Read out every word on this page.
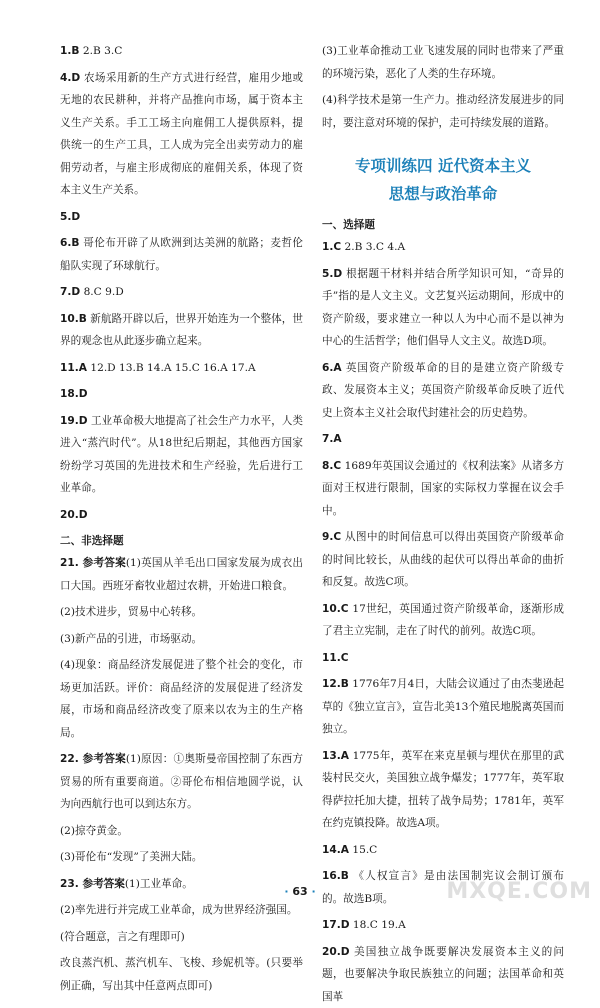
1.B 2.B 3.C

4.D 农场采用新的生产方式进行经营，雇用少地或无地的农民耕种，并将产品推向市场，属于资本主义生产关系。手工工场主向雇佣工人提供原料，提供统一的生产工具，工人成为完全出卖劳动力的雇佣劳动者，与雇主形成彻底的雇佣关系，体现了资本主义生产关系。

5.D

6.B 哥伦布开辟了从欧洲到达美洲的航路；麦哲伦船队实现了环球航行。

7.D 8.C 9.D

10.B 新航路开辟以后，世界开始连为一个整体，世界的观念也从此逐步确立起来。

11.A 12.D 13.B 14.A 15.C 16.A 17.A

18.D

19.D 工业革命极大地提高了社会生产力水平，人类进入“蒸汽时代”。从18世纪后期起，其他西方国家纷纷学习英国的先进技术和生产经验，先后进行工业革命。

20.D

二、非选择题

21. 参考答案(1)英国从羊毛出口国家发展为成衣出口大国。西班牙畜牧业超过农耕，开始进口粮食。

(2)技术进步，贸易中心转移。

(3)新产品的引进，市场驱动。

(4)现象：商品经济发展促进了整个社会的变化，市场更加活跃。评价：商品经济的发展促进了经济发展，市场和商品经济改变了原来以农为主的生产格局。

22. 参考答案(1)原因：①奥斯曼帝国控制了东西方贸易的所有重要商道。②哥伦布相信地圆学说，认为向西航行也可以到达东方。

(2)掠夺黄金。

(3)哥伦布“发现”了美洲大陆。

23. 参考答案(1)工业革命。

(2)率先进行并完成工业革命，成为世界经济强国。

(符合题意，言之有理即可)

改良蒸汽机、蒸汽机车、飞梭、珍妮机等。(只要举例正确，写出其中任意两点即可)

(3)工业革命推动工业飞速发展的同时也带来了严重的环境污染，恶化了人类的生存环境。

(4)科学技术是第一生产力。推动经济发展进步的同时，要注意对环境的保护，走可持续发展的道路。

专项训练四 近代资本主义

思想与政治革命

一、选择题

1.C 2.B 3.C 4.A

5.D 根据题干材料并结合所学知识可知，“奇异的手”指的是人文主义。文艺复兴运动期间，形成中的资产阶级，要求建立一种以人为中心而不是以神为中心的生活哲学；他们倡导人文主义。故选D项。

6.A 英国资产阶级革命的目的是建立资产阶级专政、发展资本主义；英国资产阶级革命反映了近代史上资本主义社会取代封建社会的历史趋势。

7.A

8.C 1689年英国议会通过的《权利法案》从诸多方面对王权进行限制，国家的实际权力掌握在议会手中。

9.C 从图中的时间信息可以得出英国资产阶级革命的时间比较长，从曲线的起伏可以得出革命的曲折和反复。故选C项。

10.C 17世纪，英国通过资产阶级革命，逐渐形成了君主立宪制，走在了时代的前列。故选C项。

11.C

12.B 1776年7月4日，大陆会议通过了由杰斐逊起草的《独立宣言》，宣告北美13个殖民地脱离英国而独立。

13.A 1775年，英军在来克星顿与埋伏在那里的武装村民交火，美国独立战争爆发；1777年，英军取得萨拉托加大捷，扭转了战争局势；1781年，英军在约克镇投降。故选A项。

14.A 15.C

16.B 《人权宣言》是由法国制宪议会制订颁布的。故选B项。

17.D 18.C 19.A

20.D 美国独立战争既要解决发展资本主义的问题，也要解决争取民族独立的问题；法国革命和英国革

· 63 ·	MXQE.COM
